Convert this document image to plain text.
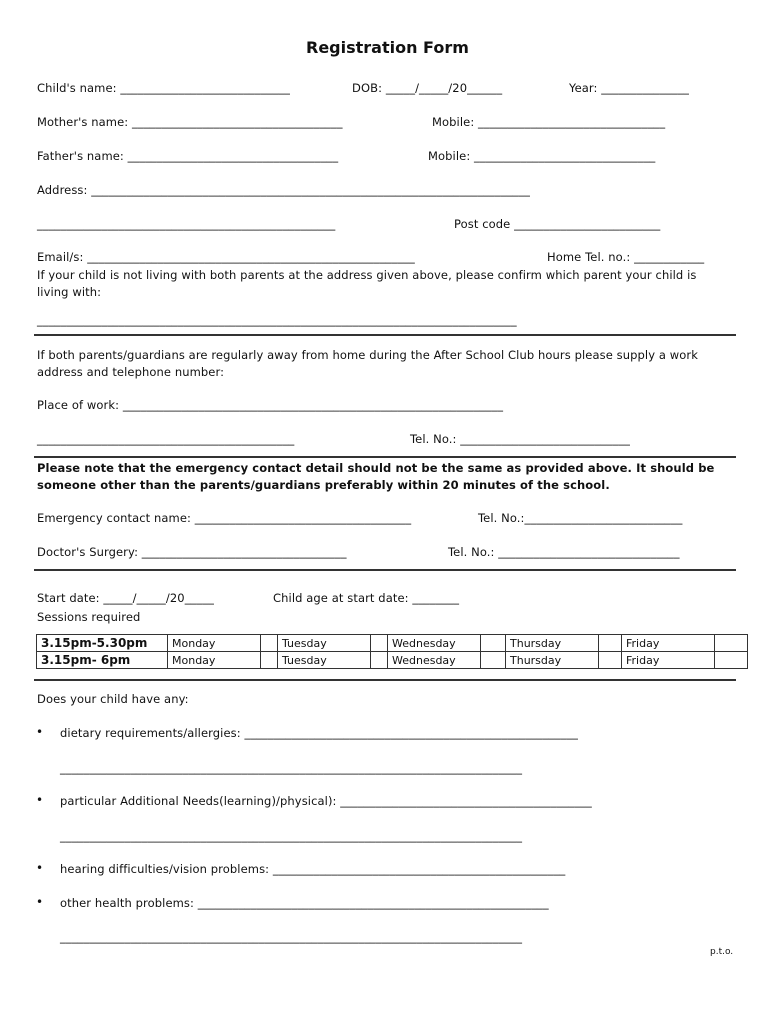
Registration Form
Child's name: _____________________________	DOB: _____/_____/20______	Year: _______________
Mother's name: ____________________________________	Mobile: ________________________________
Father's name: ____________________________________	Mobile: _______________________________
Address: ___________________________________________________________________________
___________________________________________________	Post code _________________________
Email/s: ________________________________________________________	Home Tel. no.: ____________
If your child is not living with both parents at the address given above, please confirm which parent your child is living with:
__________________________________________________________________________________
If both parents/guardians are regularly away from home during the After School Club hours please supply a work address and telephone number:
Place of work: _________________________________________________________________
____________________________________________	Tel. No.: _____________________________
Please note that the emergency contact detail should not be the same as provided above. It should be someone other than the parents/guardians preferably within 20 minutes of the school.
Emergency contact name: _____________________________________	Tel. No.:___________________________
Doctor's Surgery: ___________________________________	Tel. No.: _______________________________
Start date: _____/_____/20_____	Child age at start date: ________
Sessions required
3.15pm-5.30pm	Monday		Tuesday		Wednesday		Thursday		Friday	
3.15pm- 6pm	Monday		Tuesday		Wednesday		Thursday		Friday	
Does your child have any:
• dietary requirements/allergies: _________________________________________________________
_______________________________________________________________________________
• particular Additional Needs(learning)/physical): ___________________________________________
_______________________________________________________________________________
• hearing difficulties/vision problems: __________________________________________________
• other health problems: ____________________________________________________________
_______________________________________________________________________________
p.t.o.
